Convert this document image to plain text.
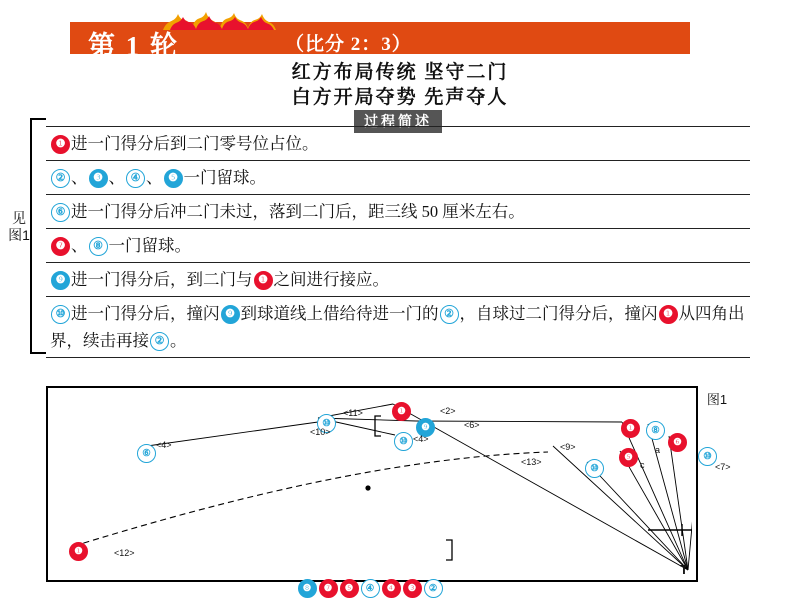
第 1 轮	（比分 2：3）
红方布局传统 坚守二门
白方开局夺势 先声夺人
见图1
过程简述
❶ 进一门得分后到二门零号位占位。
② 、 ❸ 、 ④ 、 ❺ 一门留球。
⑥ 进一门得分后冲二门未过，落到二门后，距三线 50 厘米左右。
❼ 、 ⑧ 一门留球。
❾ 进一门得分后，到二门与 ❶ 之间进行接应。
⑩ 进一门得分后，撞闪 ❾ 到球道线上借给待进一门的 ② ，自球过二门得分后，撞闪 ❶ 从四角出界，续击再接 ② 。
❶
⑩	❾
⑩
❶	⑧
❻
❺	⑩
⑩
⑥
❶
<11>	<2>
<10>
<6>
<4>
<9>
<13>	<7>
<4>
<12>
c
a
T
图1
❽ ❼ ❺ ④ ❹ ❸ ②
